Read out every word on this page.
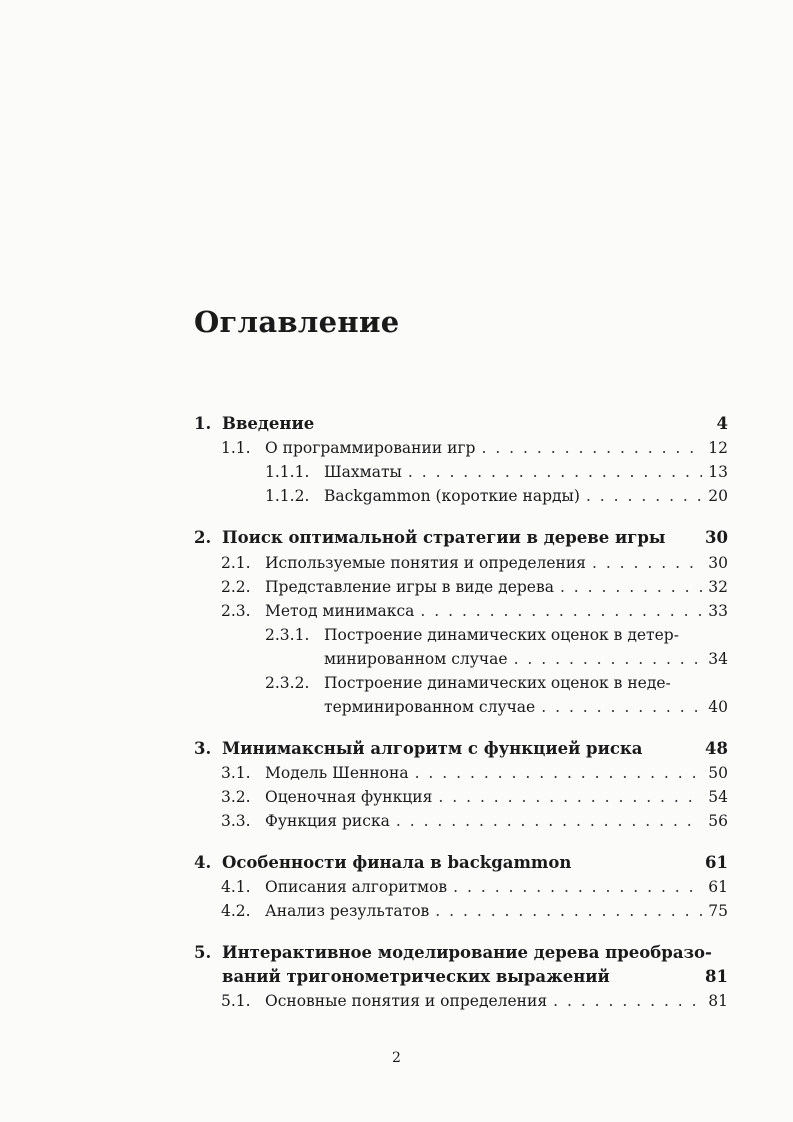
Оглавление
1. Введение	4
1.1. О программировании игр . . .	12
1.1.1. Шахматы . . .	13
1.1.2. Backgammon (короткие нарды) . . .	20
2. Поиск оптимальной стратегии в дереве игры 30
2.1. Используемые понятия и определения . . .	30
2.2. Представление игры в виде дерева . . .	32
2.3. Метод минимакса . . .	33
2.3.1. Построение динамических оценок в детер-
минированном случае . . .	34
2.3.2. Построение динамических оценок в неде-
терминированном случае . . .	40
3. Минимаксный алгоритм с функцией риска	48
3.1. Модель Шеннона . . .	50
3.2. Оценочная функция . . .	54
3.3. Функция риска . . .	56
4. Особенности финала в backgammon	61
4.1. Описания алгоритмов . . .	61
4.2. Анализ результатов . . .	75
5. Интерактивное моделирование дерева преобразо-
ваний тригонометрических выражений	81
5.1. Основные понятия и определения . . .	81
2
